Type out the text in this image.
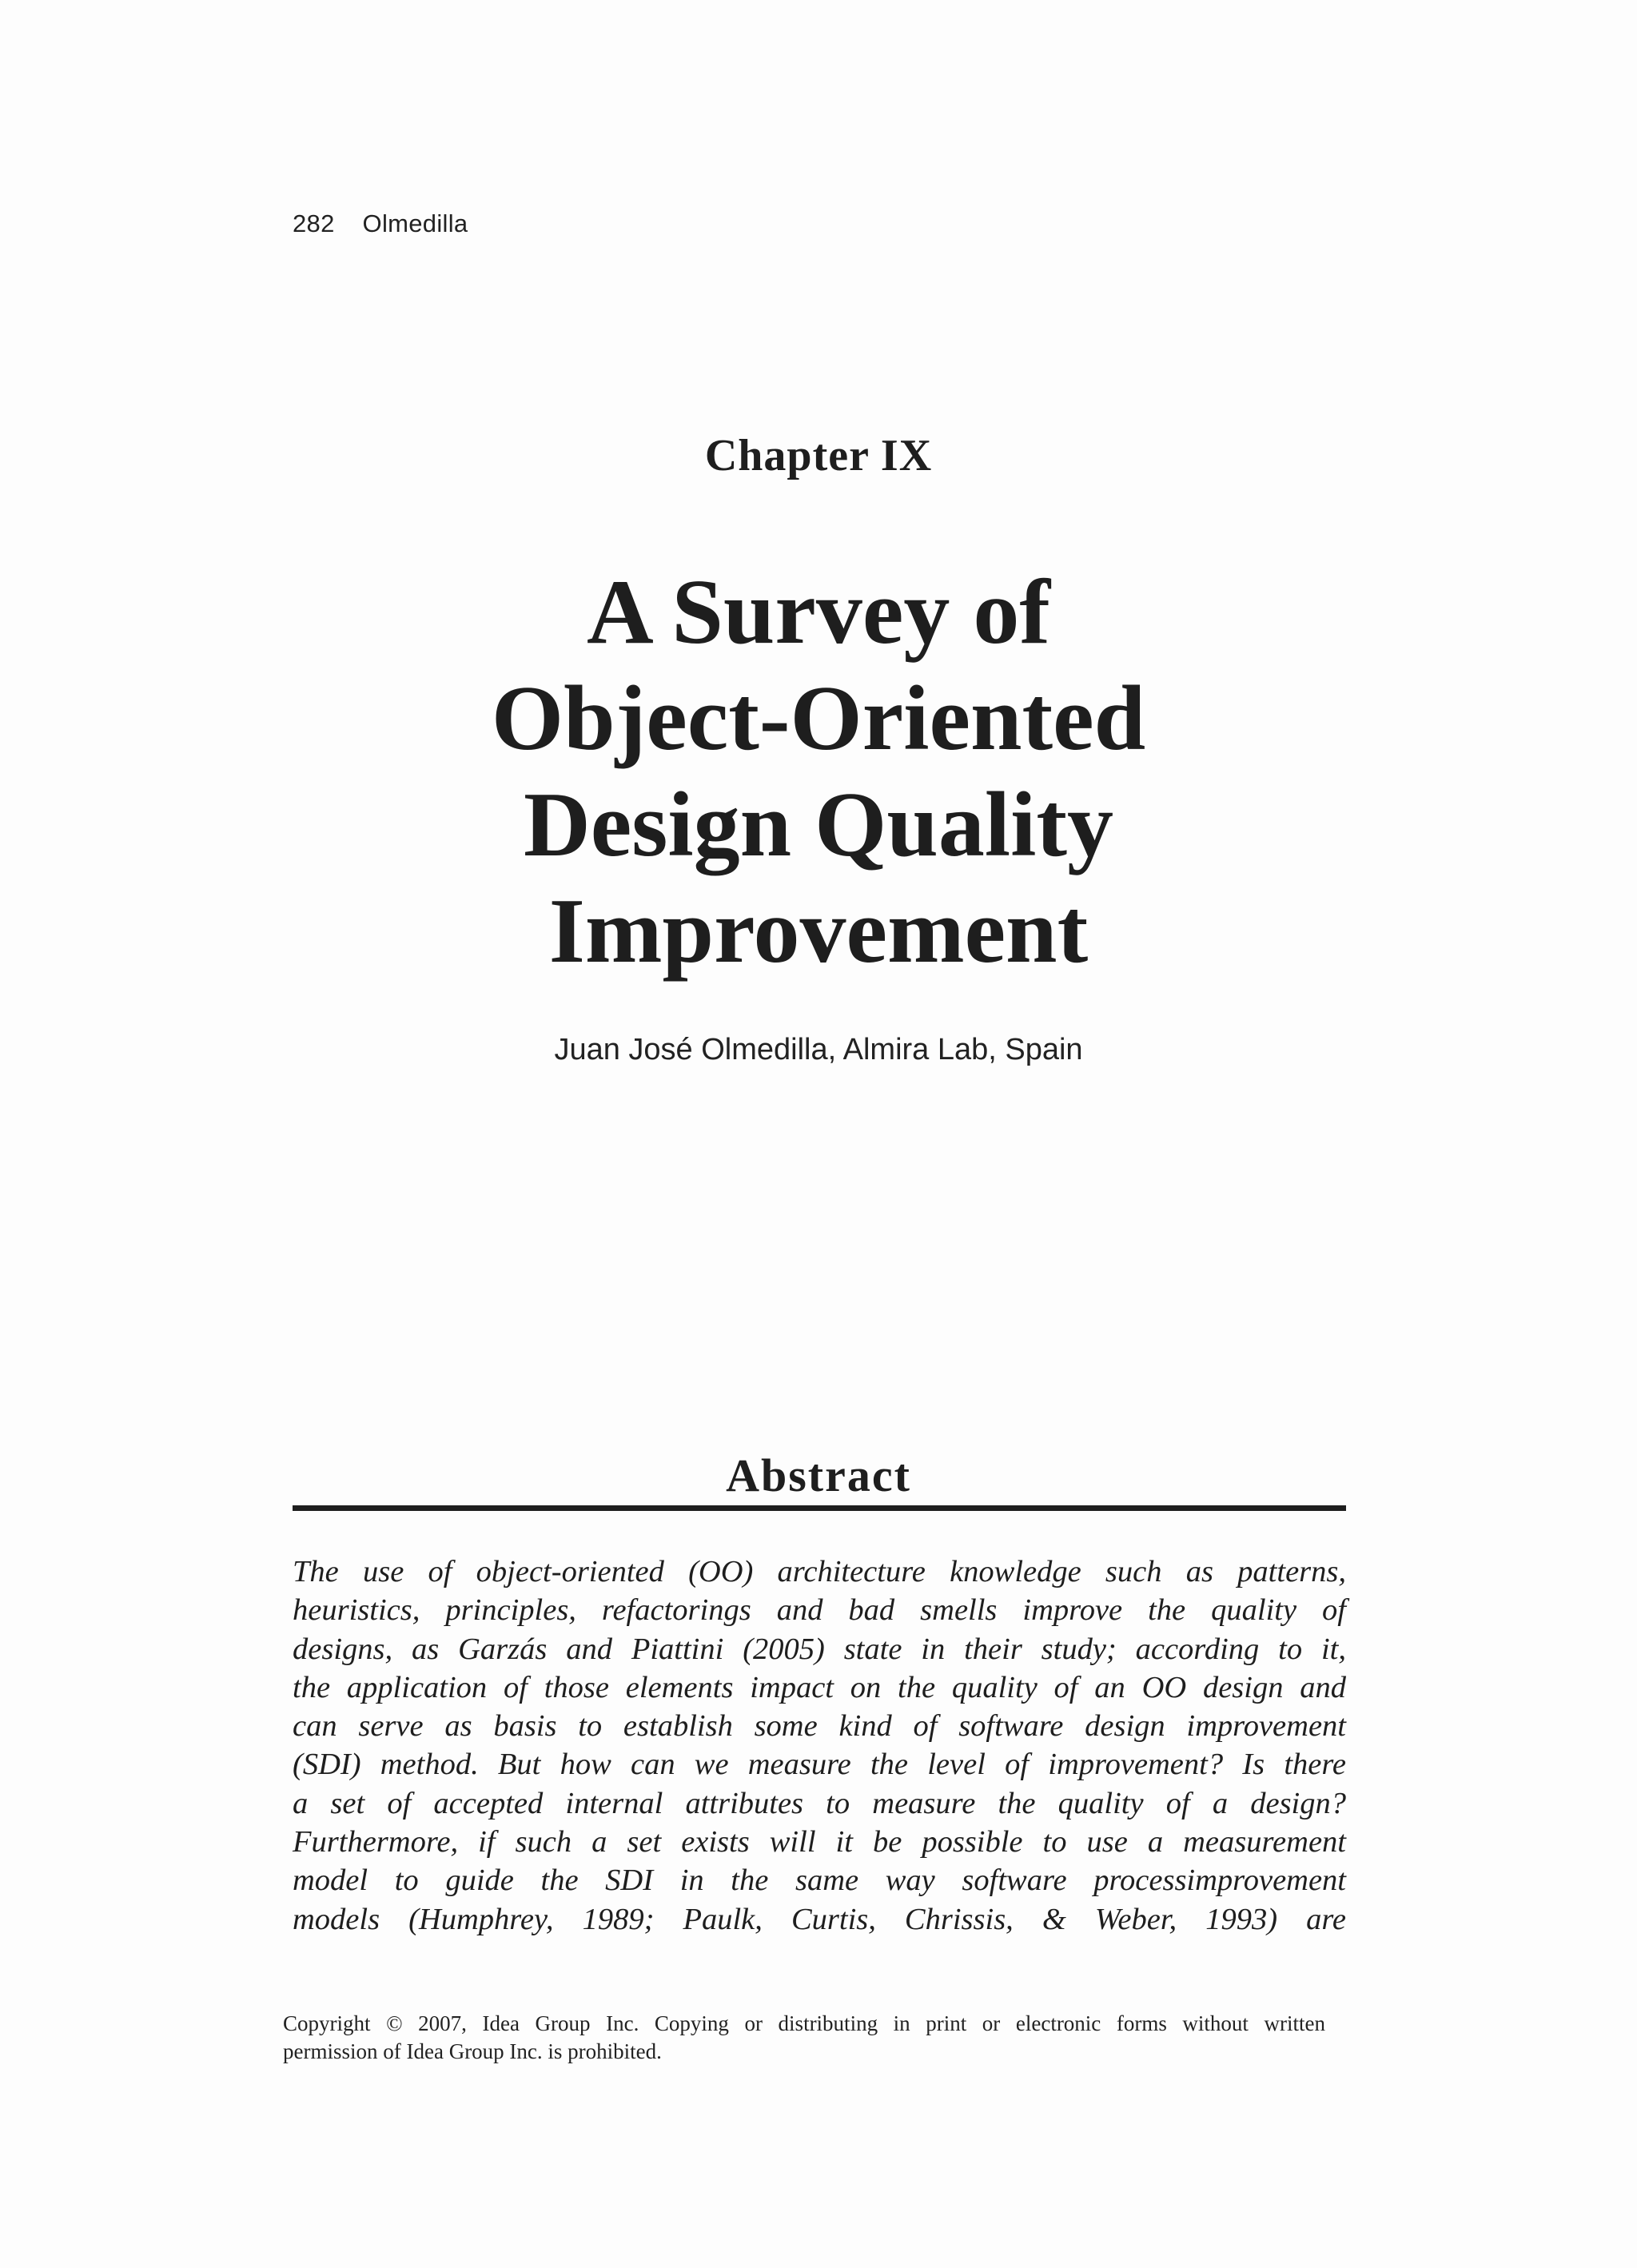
282 Olmedilla
Chapter IX
A Survey of
Object-Oriented
Design Quality
Improvement
Juan José Olmedilla, Almira Lab, Spain
Abstract
The use of object-oriented (OO) architecture knowledge such as patterns,
heuristics, principles, refactorings and bad smells improve the quality of
designs, as Garzás and Piattini (2005) state in their study; according to it,
the application of those elements impact on the quality of an OO design and
can serve as basis to establish some kind of software design improvement
(SDI) method. But how can we measure the level of improvement? Is there
a set of accepted internal attributes to measure the quality of a design?
Furthermore, if such a set exists will it be possible to use a measurement
model to guide the SDI in the same way software processimprovement
models (Humphrey, 1989; Paulk, Curtis, Chrissis, & Weber, 1993) are
Copyright © 2007, Idea Group Inc. Copying or distributing in print or electronic forms without written
permission of Idea Group Inc. is prohibited.
